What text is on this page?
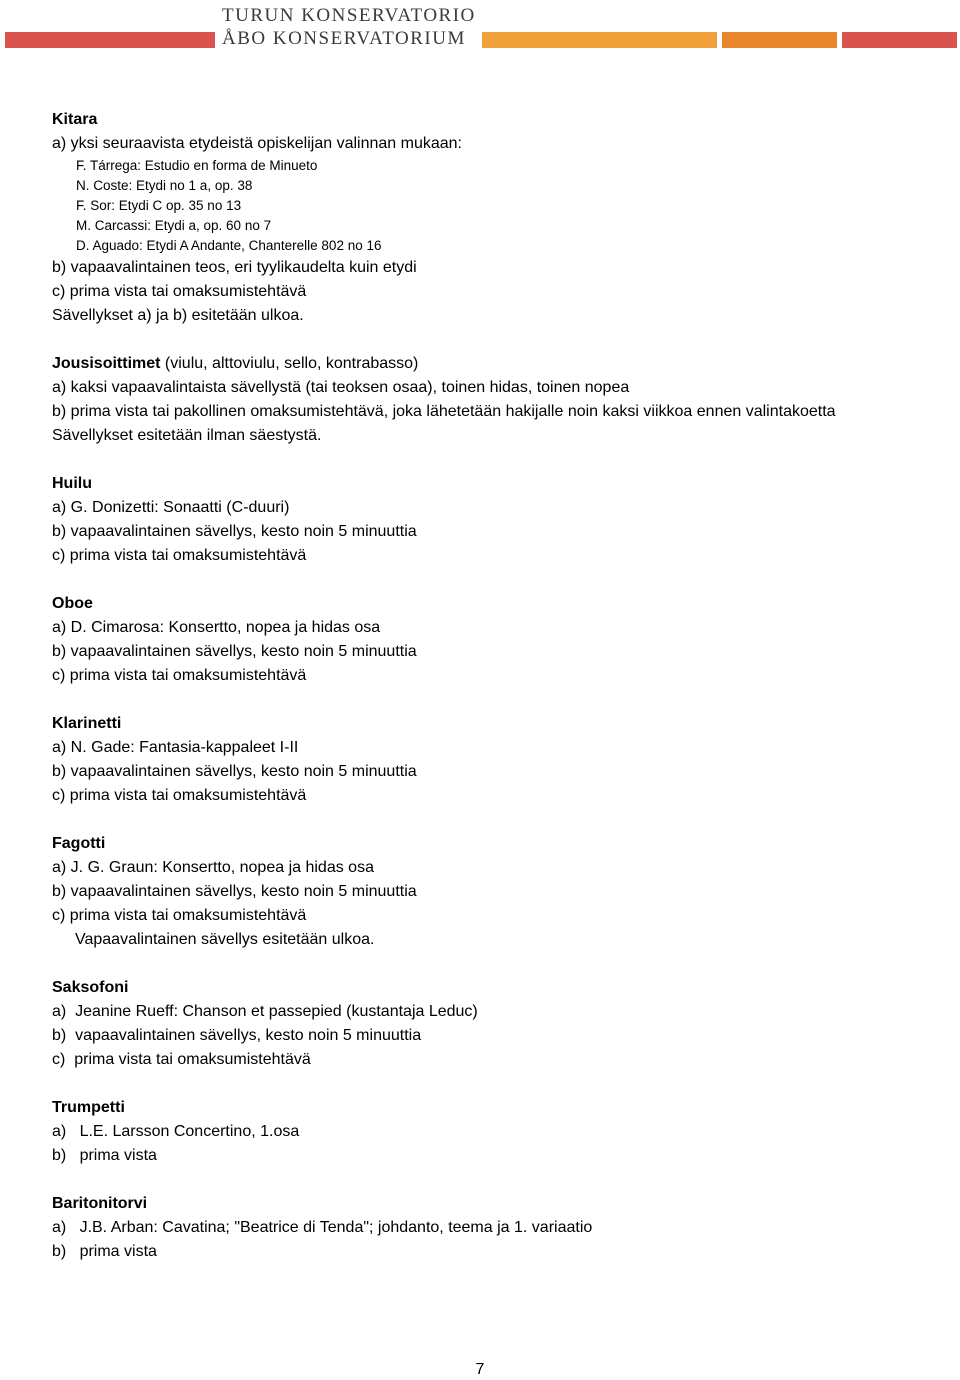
TURUN KONSERVATORIO
ÅBO KONSERVATORIUM
Kitara
a) yksi seuraavista etydeistä opiskelijan valinnan mukaan:
F. Tárrega: Estudio en forma de Minueto
N. Coste: Etydi no 1 a, op. 38
F. Sor: Etydi C op. 35 no 13
M. Carcassi: Etydi a, op. 60 no 7
D. Aguado: Etydi A Andante, Chanterelle 802 no 16
b) vapaavalintainen teos, eri tyylikaudelta kuin etydi
c) prima vista tai omaksumistehtävä
Sävellykset a) ja b) esitetään ulkoa.
Jousisoittimet (viulu, alttoviulu, sello, kontrabasso)
a) kaksi vapaavalintaista sävellystä (tai teoksen osaa), toinen hidas, toinen nopea
b) prima vista tai pakollinen omaksumistehtävä, joka lähetetään hakijalle noin kaksi viikkoa ennen valintakoetta
Sävellykset esitetään ilman säestystä.
Huilu
a) G. Donizetti: Sonaatti (C-duuri)
b) vapaavalintainen sävellys, kesto noin 5 minuuttia
c) prima vista tai omaksumistehtävä
Oboe
a) D. Cimarosa: Konsertto, nopea ja hidas osa
b) vapaavalintainen sävellys, kesto noin 5 minuuttia
c) prima vista tai omaksumistehtävä
Klarinetti
a) N. Gade: Fantasia-kappaleet I-II
b) vapaavalintainen sävellys, kesto noin 5 minuuttia
c) prima vista tai omaksumistehtävä
Fagotti
a) J. G. Graun: Konsertto, nopea ja hidas osa
b) vapaavalintainen sävellys, kesto noin 5 minuuttia
c) prima vista tai omaksumistehtävä
Vapaavalintainen sävellys esitetään ulkoa.
Saksofoni
a)  Jeanine Rueff: Chanson et passepied (kustantaja Leduc)
b)  vapaavalintainen sävellys, kesto noin 5 minuuttia
c)  prima vista tai omaksumistehtävä
Trumpetti
a)   L.E. Larsson Concertino, 1.osa
b)   prima vista
Baritonitorvi
a)   J.B. Arban: Cavatina; "Beatrice di Tenda"; johdanto, teema ja 1. variaatio
b)   prima vista
7
